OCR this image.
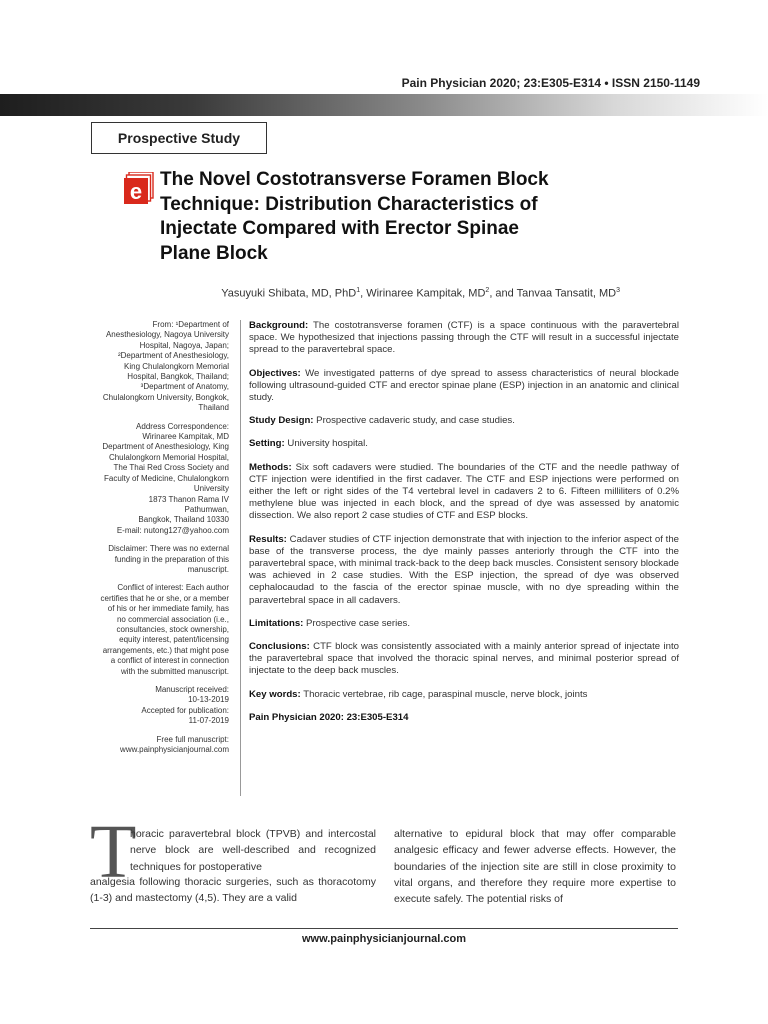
Pain Physician 2020; 23:E305-E314 • ISSN 2150-1149
Prospective Study
e The Novel Costotransverse Foramen Block
Technique: Distribution Characteristics of
Injectate Compared with Erector Spinae
Plane Block
Yasuyuki Shibata, MD, PhD$^1$, Wirinaree Kampitak, $MD^2$, and Tanvaa Tansatit, $MD^3$

From: ¹Department of
Anesthesiology, Nagoya University
Hospital, Nagoya, Japan;
²Department of Anesthesiology,
King Chulalongkorn Memorial
Hospital, Bangkok, Thailand;
³Department of Anatomy,
Chulalongkorn University, Bongkok,
Thailand

Address Correspondence:
Wirinaree Kampitak, MD
Department of Anesthesiology, King
Chulalongkorn Memorial Hospital,
The Thai Red Cross Society and
Faculty of Medicine, Chulalongkorn
University
1873 Thanon Rama IV
Pathumwan,
Bangkok, Thailand 10330
E-mail: nutong127@yahoo.com

Disclaimer: There was no external
funding in the preparation of this
manuscript.

Conflict of interest: Each author
certifies that he or she, or a member
of his or her immediate family, has
no commercial association (i.e.,
consultancies, stock ownership,
equity interest, patent/licensing
arrangements, etc.) that might pose
a conflict of interest in connection
with the submitted manuscript.

Manuscript received:
10-13-2019
Accepted for publication:
11-07-2019

Free full manuscript:
www.painphysicianjournal.com

Background: The costotransverse foramen (CTF) is a space continuous with the paravertebral space. We hypothesized that injections passing through the CTF will result in a successful injectate spread to the paravertebral space.

Objectives: We investigated patterns of dye spread to assess characteristics of neural blockade following ultrasound-guided CTF and erector spinae plane (ESP) injection in an anatomic and clinical study.

Study Design: Prospective cadaveric study, and case studies.

Setting: University hospital.

Methods: Six soft cadavers were studied. The boundaries of the CTF and the needle pathway of CTF injection were identified in the first cadaver. The CTF and ESP injections were performed on either the left or right sides of the T4 vertebral level in cadavers 2 to 6. Fifteen milliliters of 0.2% methylene blue was injected in each block, and the spread of dye was assessed by anatomic dissection. We also report 2 case studies of CTF and ESP blocks.

Results: Cadaver studies of CTF injection demonstrate that with injection to the inferior aspect of the base of the transverse process, the dye mainly passes anteriorly through the CTF into the paravertebral space, with minimal track-back to the deep back muscles. Consistent sensory blockade was achieved in 2 case studies. With the ESP injection, the spread of dye was observed cephalocaudad to the fascia of the erector spinae muscle, with no dye spreading within the paravertebral space in all cadavers.

Limitations: Prospective case series.

Conclusions: CTF block was consistently associated with a mainly anterior spread of injectate into the paravertebral space that involved the thoracic spinal nerves, and minimal posterior spread of injectate to the deep back muscles.

Key words: Thoracic vertebrae, rib cage, paraspinal muscle, nerve block, joints

Pain Physician 2020: 23:E305-E314

T
horacic paravertebral block (TPVB) and intercostal nerve block are well-described and recognized techniques for postoperative
analgesia following thoracic surgeries, such as thoracotomy (1-3) and mastectomy (4,5). They are a valid
alternative to epidural block that may offer comparable analgesic efficacy and fewer adverse effects. However, the boundaries of the injection site are still in close proximity to vital organs, and therefore they require more expertise to execute safely. The potential risks of
www.painphysicianjournal.com
